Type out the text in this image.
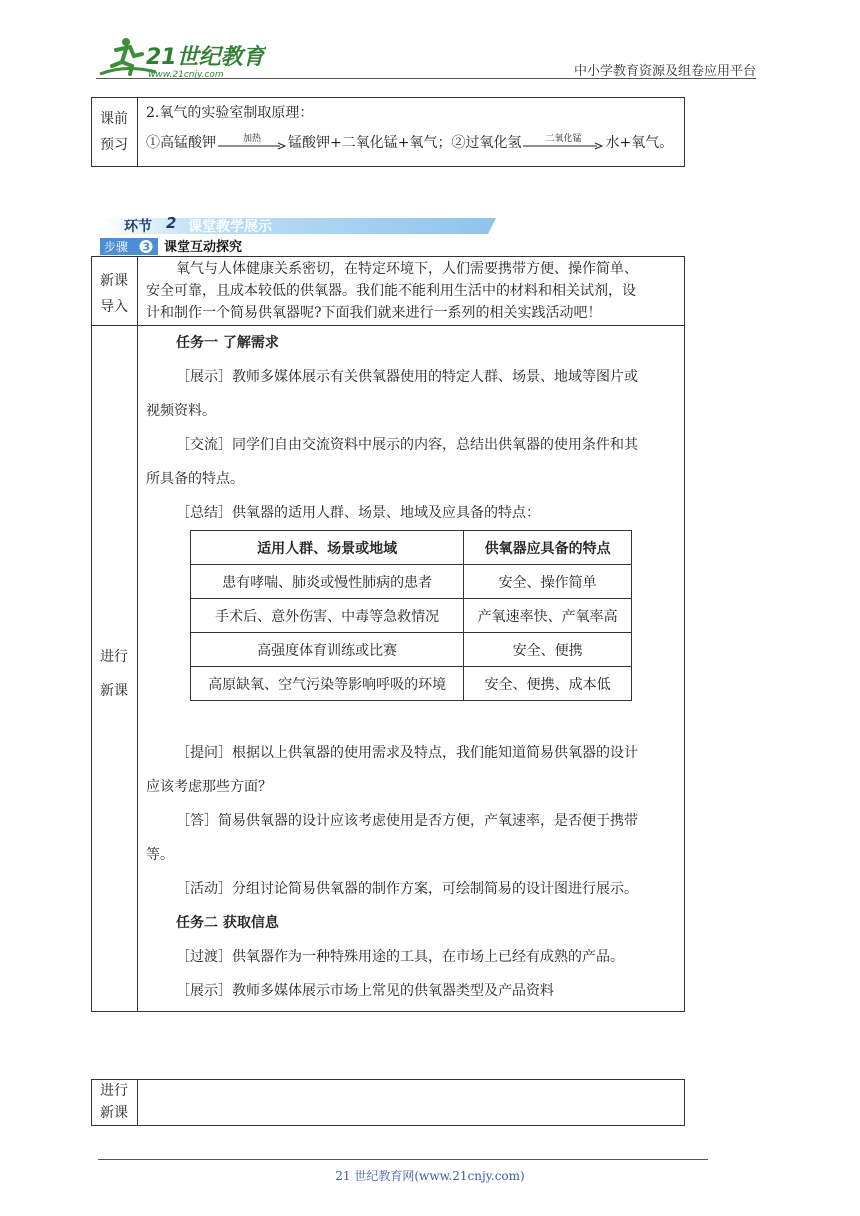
21世纪教育
www.21cnjy.com	中小学教育资源及组卷应用平台
课前
预习
2.氧气的实验室制取原理：
①高锰酸钾	加热	锰酸钾+二氧化锰+氧气； ②过氧化氢	二氧化锰	水+氧气。
环节 2 课堂教学展示
步骤 3 课堂互动探究
新课
导入
氧气与人体健康关系密切，在特定环境下，人们需要携带方便、操作简单、
安全可靠，且成本较低的供氧器。我们能不能利用生活中的材料和相关试剂，设
计和制作一个简易供氧器呢?下面我们就来进行一系列的相关实践活动吧！
进行
新课
任务一 了解需求
［展示］教师多媒体展示有关供氧器使用的特定人群、场景、地域等图片或
视频资料。
［交流］同学们自由交流资料中展示的内容，总结出供氧器的使用条件和其
所具备的特点。
［总结］供氧器的适用人群、场景、地域及应具备的特点：
适用人群、场景或地域	供氧器应具备的特点
患有哮喘、肺炎或慢性肺病的患者	安全、操作简单
手术后、意外伤害、中毒等急救情况	产氧速率快、产氧率高
高强度体育训练或比赛	安全、便携
高原缺氧、空气污染等影响呼吸的环境	安全、便携、成本低
［提问］根据以上供氧器的使用需求及特点，我们能知道简易供氧器的设计
应该考虑那些方面？
［答］简易供氧器的设计应该考虑使用是否方便，产氧速率，是否便于携带
等。
［活动］分组讨论简易供氧器的制作方案，可绘制简易的设计图进行展示。
任务二 获取信息
［过渡］供氧器作为一种特殊用途的工具，在市场上已经有成熟的产品。
［展示］教师多媒体展示市场上常见的供氧器类型及产品资料
进行
新课
21 世纪教育网(www.21cnjy.com)
